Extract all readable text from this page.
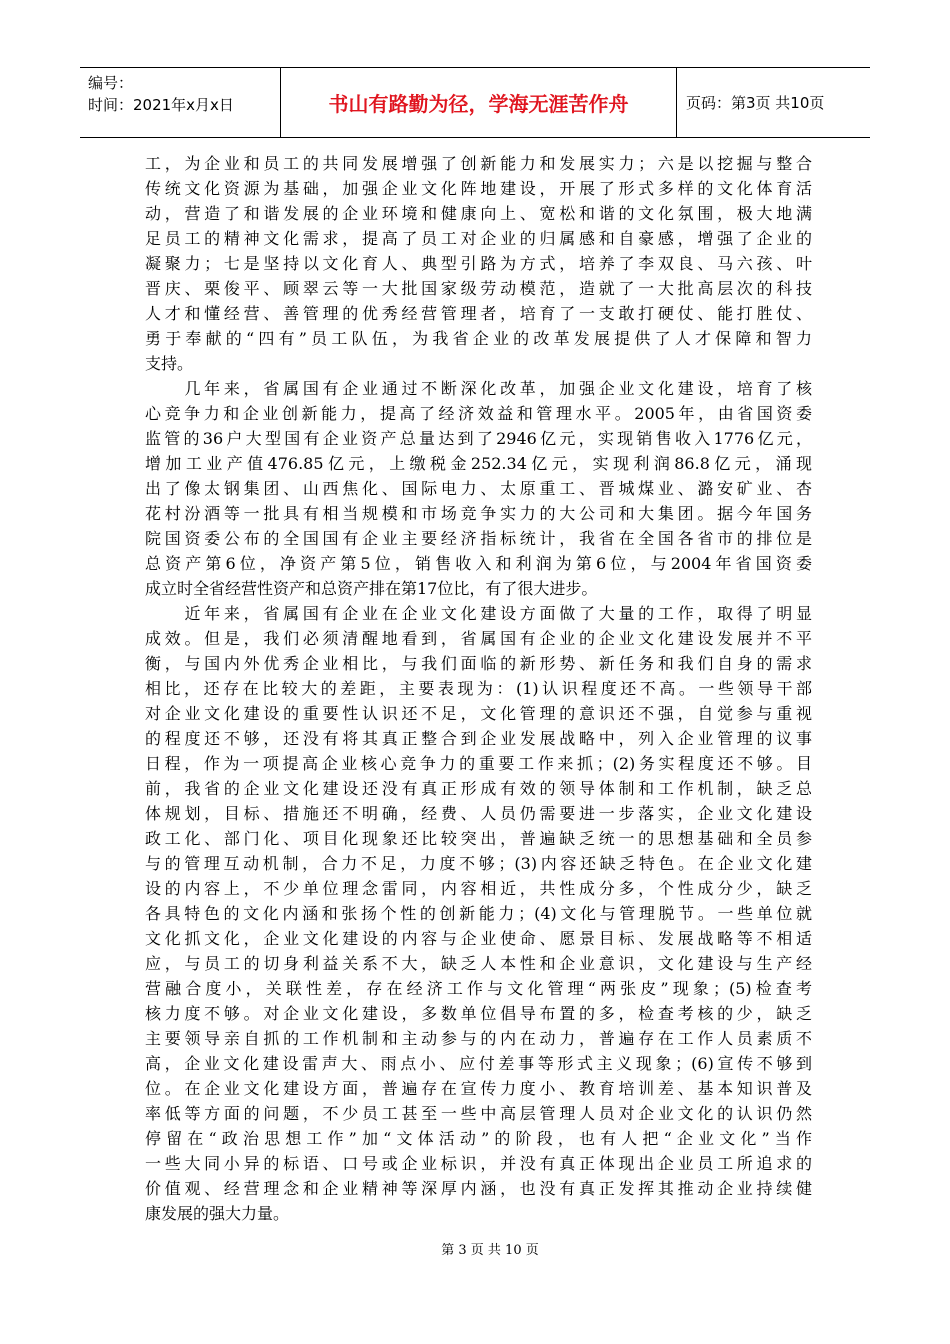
编号：
时间：2021年x月x日	书山有路勤为径，学海无涯苦作舟	页码：第3页 共10页
工，为企业和员工的共同发展增强了创新能力和发展实力；六是以挖掘与整合
传统文化资源为基础，加强企业文化阵地建设，开展了形式多样的文化体育活
动，营造了和谐发展的企业环境和健康向上、宽松和谐的文化氛围，极大地满
足员工的精神文化需求，提高了员工对企业的归属感和自豪感，增强了企业的
凝聚力；七是坚持以文化育人、典型引路为方式，培养了李双良、马六孩、叶
晋庆、栗俊平、顾翠云等一大批国家级劳动模范，造就了一大批高层次的科技
人才和懂经营、善管理的优秀经营管理者，培育了一支敢打硬仗、能打胜仗、
勇于奉献的“四有”员工队伍，为我省企业的改革发展提供了人才保障和智力
支持。
　　几年来，省属国有企业通过不断深化改革，加强企业文化建设，培育了核
心竞争力和企业创新能力，提高了经济效益和管理水平。2005年，由省国资委
监管的36户大型国有企业资产总量达到了2946亿元，实现销售收入1776亿元，
增加工业产值476.85亿元，上缴税金252.34亿元，实现利润86.8亿元，涌现
出了像太钢集团、山西焦化、国际电力、太原重工、晋城煤业、潞安矿业、杏
花村汾酒等一批具有相当规模和市场竞争实力的大公司和大集团。据今年国务
院国资委公布的全国国有企业主要经济指标统计，我省在全国各省市的排位是
总资产第6位，净资产第5位，销售收入和利润为第6位，与2004年省国资委
成立时全省经营性资产和总资产排在第17位比，有了很大进步。
　　近年来，省属国有企业在企业文化建设方面做了大量的工作，取得了明显
成效。但是，我们必须清醒地看到，省属国有企业的企业文化建设发展并不平
衡，与国内外优秀企业相比，与我们面临的新形势、新任务和我们自身的需求
相比，还存在比较大的差距，主要表现为：(1)认识程度还不高。一些领导干部
对企业文化建设的重要性认识还不足，文化管理的意识还不强，自觉参与重视
的程度还不够，还没有将其真正整合到企业发展战略中，列入企业管理的议事
日程，作为一项提高企业核心竞争力的重要工作来抓；(2)务实程度还不够。目
前，我省的企业文化建设还没有真正形成有效的领导体制和工作机制，缺乏总
体规划，目标、措施还不明确，经费、人员仍需要进一步落实，企业文化建设
政工化、部门化、项目化现象还比较突出，普遍缺乏统一的思想基础和全员参
与的管理互动机制，合力不足，力度不够；(3)内容还缺乏特色。在企业文化建
设的内容上，不少单位理念雷同，内容相近，共性成分多，个性成分少，缺乏
各具特色的文化内涵和张扬个性的创新能力；(4)文化与管理脱节。一些单位就
文化抓文化，企业文化建设的内容与企业使命、愿景目标、发展战略等不相适
应，与员工的切身利益关系不大，缺乏人本性和企业意识，文化建设与生产经
营融合度小，关联性差，存在经济工作与文化管理“两张皮”现象；(5)检查考
核力度不够。对企业文化建设，多数单位倡导布置的多，检查考核的少，缺乏
主要领导亲自抓的工作机制和主动参与的内在动力，普遍存在工作人员素质不
高，企业文化建设雷声大、雨点小、应付差事等形式主义现象；(6)宣传不够到
位。在企业文化建设方面，普遍存在宣传力度小、教育培训差、基本知识普及
率低等方面的问题，不少员工甚至一些中高层管理人员对企业文化的认识仍然
停留在“政治思想工作”加“文体活动”的阶段，也有人把“企业文化”当作
一些大同小异的标语、口号或企业标识，并没有真正体现出企业员工所追求的
价值观、经营理念和企业精神等深厚内涵，也没有真正发挥其推动企业持续健
康发展的强大力量。
第 3 页 共 10 页
